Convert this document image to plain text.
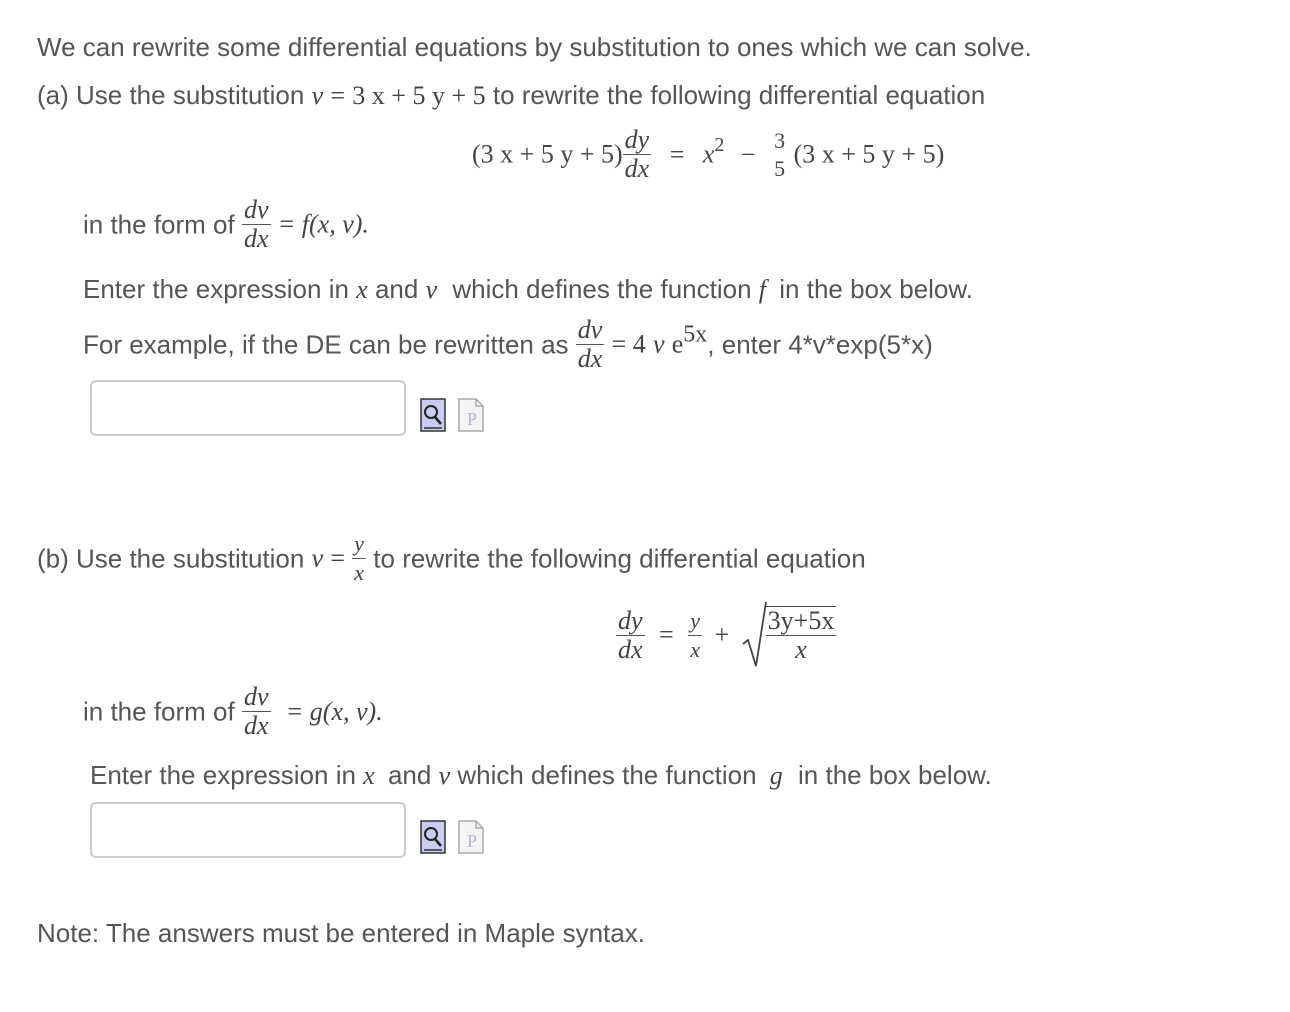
We can rewrite some differential equations by substitution to ones which we can solve.
(a) Use the substitution v = 3 x + 5 y + 5 to rewrite the following differential equation
(3 x + 5 $y + 5) \frac{dy}{dx} = x^2 - 3$
5 (3 x + 5 y + 5)
in the form of $\frac{dv}{dx} = f(x$, v).
Enter the expression in x and v which defines the function f in the box below.
For example, if the DE can be rewritten as $\frac{dv}{dx} = 4$ v $e^{5x}$, enter 4*v*exp(5*x)
P
(b) Use the substitution $v = \frac{y}{x}$ to rewrite the following differential equation
$\frac{dy}{dx} = \frac{y}{x} + \frac{3y+5x}{x}$
in the form of $\frac{dv}{dx} = g(x$, v).
Enter the expression in x and v which defines the function g in the box below.
P
Note: The answers must be entered in Maple syntax.
